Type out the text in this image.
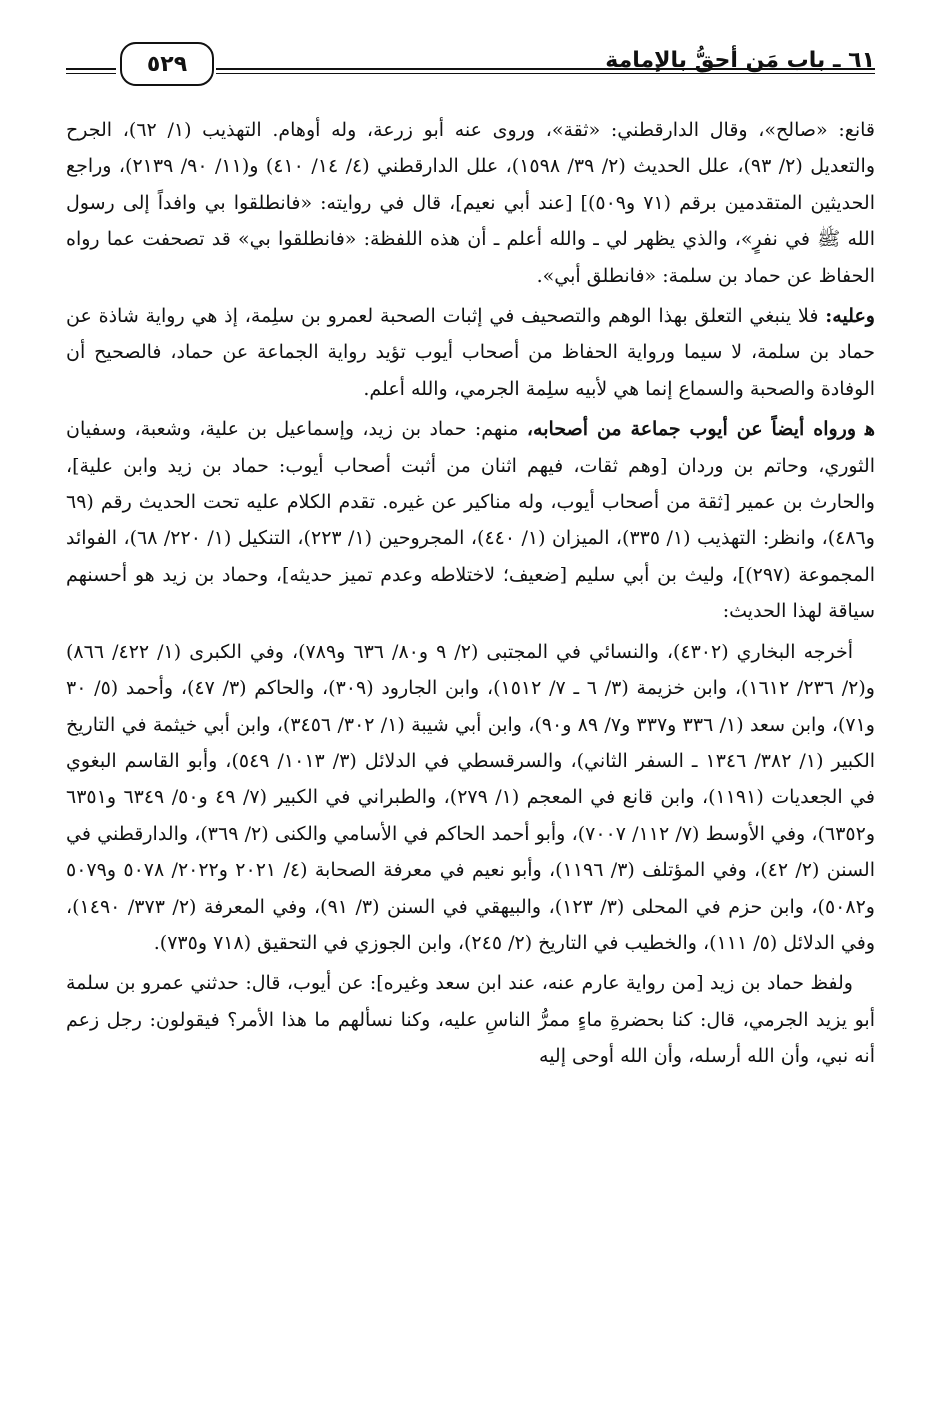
٥٢٩	٦١ ـ باب مَن أحقُّ بالإمامة

قانع: «صالح»، وقال الدارقطني: «ثقة»، وروى عنه أبو زرعة، وله أوهام. التهذيب (١/ ٦٢)، الجرح والتعديل (٢/ ٩٣)، علل الحديث (٢/ ٣٩/ ١٥٩٨)، علل الدارقطني (٤/ ١٤/ ٤١٠) و(١١/ ٩٠/ ٢١٣٩)، وراجع الحديثين المتقدمين برقم (٧١ و٥٠٩)] [عند أبي نعيم]، قال في روايته: «فانطلقوا بي وافداً إلى رسول الله ﷺ في نفرٍ»، والذي يظهر لي ـ والله أعلم ـ أن هذه اللفظة: «فانطلقوا بي» قد تصحفت عما رواه الحفاظ عن حماد بن سلمة: «فانطلق أبي».

وعليه: فلا ينبغي التعلق بهذا الوهم والتصحيف في إثبات الصحبة لعمرو بن سلِمة، إذ هي رواية شاذة عن حماد بن سلمة، لا سيما ورواية الحفاظ من أصحاب أيوب تؤيد رواية الجماعة عن حماد، فالصحيح أن الوفادة والصحبة والسماع إنما هي لأبيه سلِمة الجرمي، والله أعلم.

ﻫ ورواه أيضاً عن أيوب جماعة من أصحابه، منهم: حماد بن زيد، وإسماعيل بن علية، وشعبة، وسفيان الثوري، وحاتم بن وردان [وهم ثقات، فيهم اثنان من أثبت أصحاب أيوب: حماد بن زيد وابن علية]، والحارث بن عمير [ثقة من أصحاب أيوب، وله مناكير عن غيره. تقدم الكلام عليه تحت الحديث رقم (٦٩ و٤٨٦)، وانظر: التهذيب (١/ ٣٣٥)، الميزان (١/ ٤٤٠)، المجروحين (١/ ٢٢٣)، التنكيل (١/ ٢٢٠/ ٦٨)، الفوائد المجموعة (٢٩٧)]، وليث بن أبي سليم [ضعيف؛ لاختلاطه وعدم تميز حديثه]، وحماد بن زيد هو أحسنهم سياقة لهذا الحديث:

أخرجه البخاري (٤٣٠٢)، والنسائي في المجتبى (٢/ ٩ و٨٠/ ٦٣٦ و٧٨٩)، وفي الكبرى (١/ ٤٢٢/ ٨٦٦) و(٢/ ٢٣٦/ ١٦١٢)، وابن خزيمة (٣/ ٦ ـ ٧/ ١٥١٢)، وابن الجارود (٣٠٩)، والحاكم (٣/ ٤٧)، وأحمد (٥/ ٣٠ و٧١)، وابن سعد (١/ ٣٣٦ و٣٣٧ و٧/ ٨٩ و٩٠)، وابن أبي شيبة (١/ ٣٠٢/ ٣٤٥٦)، وابن أبي خيثمة في التاريخ الكبير (١/ ٣٨٢/ ١٣٤٦ ـ السفر الثاني)، والسرقسطي في الدلائل (٣/ ١٠١٣/ ٥٤٩)، وأبو القاسم البغوي في الجعديات (١١٩١)، وابن قانع في المعجم (١/ ٢٧٩)، والطبراني في الكبير (٧/ ٤٩ و٥٠/ ٦٣٤٩ و٦٣٥١ و٦٣٥٢)، وفي الأوسط (٧/ ١١٢/ ٧٠٠٧)، وأبو أحمد الحاكم في الأسامي والكنى (٢/ ٣٦٩)، والدارقطني في السنن (٢/ ٤٢)، وفي المؤتلف (٣/ ١١٩٦)، وأبو نعيم في معرفة الصحابة (٤/ ٢٠٢١ و٢٠٢٢/ ٥٠٧٨ و٥٠٧٩ و٥٠٨٢)، وابن حزم في المحلى (٣/ ١٢٣)، والبيهقي في السنن (٣/ ٩١)، وفي المعرفة (٢/ ٣٧٣/ ١٤٩٠)، وفي الدلائل (٥/ ١١١)، والخطيب في التاريخ (٢/ ٢٤٥)، وابن الجوزي في التحقيق (٧١٨ و٧٣٥).

ولفظ حماد بن زيد [من رواية عارم عنه، عند ابن سعد وغيره]: عن أيوب، قال: حدثني عمرو بن سلمة أبو يزيد الجرمي، قال: كنا بحضرةِ ماءٍ ممرُّ الناسِ عليه، وكنا نسألهم ما هذا الأمر؟ فيقولون: رجل زعم أنه نبي، وأن الله أرسله، وأن الله أوحى إليه
